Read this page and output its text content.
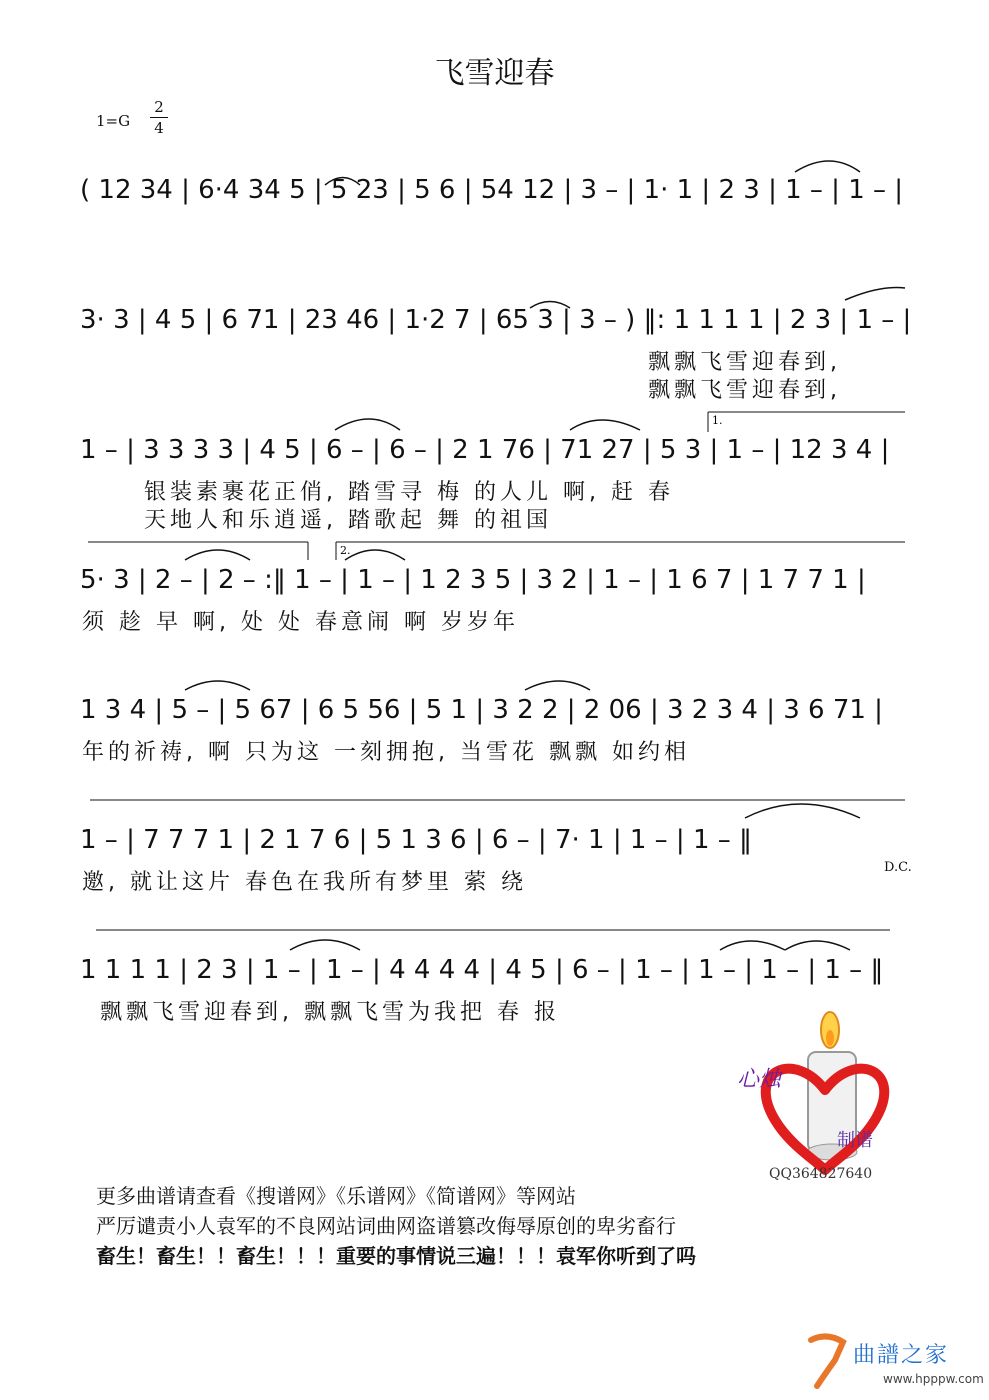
飞雪迎春
1=G
2
4
( 12 34 | 6·4 34 5 | 5 23 | 5 6 | 54 12 | 3 – | 1· 1 | 2 3 | 1 – | 1 – |
3· 3 | 4 5 | 6 71 | 23 46 | 1·2 7 | 65 3 | 3 – ) ‖: 1 1 1 1 | 2 3 | 1 – |
飘飘飞雪迎春到,
飘飘飞雪迎春到,
1 – | 3 3 3 3 | 4 5 | 6 – | 6 – | 2 1 76 | 71 27 | 5 3 | 1 – | 12 3 4 |
银装素裹花正俏, 踏雪寻 梅 的人儿 啊, 赶 春
天地人和乐逍遥, 踏歌起 舞 的祖国
5· 3 | 2 – | 2 – :‖ 1 – | 1 – | 1 2 3 5 | 3 2 | 1 – | 1 6 7 | 1 7 7 1 |
须 趁 早 啊, 处 处 春意闹 啊 岁岁年
1 3 4 | 5 – | 5 67 | 6 5 56 | 5 1 | 3 2 2 | 2 06 | 3 2 3 4 | 3 6 71 |
年的祈祷, 啊 只为这 一刻拥抱, 当雪花 飘飘 如约相
1 – | 7 7 7 1 | 2 1 7 6 | 5 1 3 6 | 6 – | 7· 1 | 1 – | 1 – ‖
邀, 就让这片 春色在我所有梦里 萦 绕
1 1 1 1 | 2 3 | 1 – | 1 – | 4 4 4 4 | 4 5 | 6 – | 1 – | 1 – | 1 – | 1 – ‖
飘飘飞雪迎春到, 飘飘飞雪为我把 春 报
1.
2.
D.C.
心烛
制谱
QQ364827640
更多曲谱请查看《搜谱网》《乐谱网》《简谱网》等网站
严厉谴责小人袁军的不良网站词曲网盗谱篡改侮辱原创的卑劣畜行
畜生！畜生！！畜生！！！重要的事情说三遍！！！袁军你听到了吗
曲譜之家
www.hpppw.com
